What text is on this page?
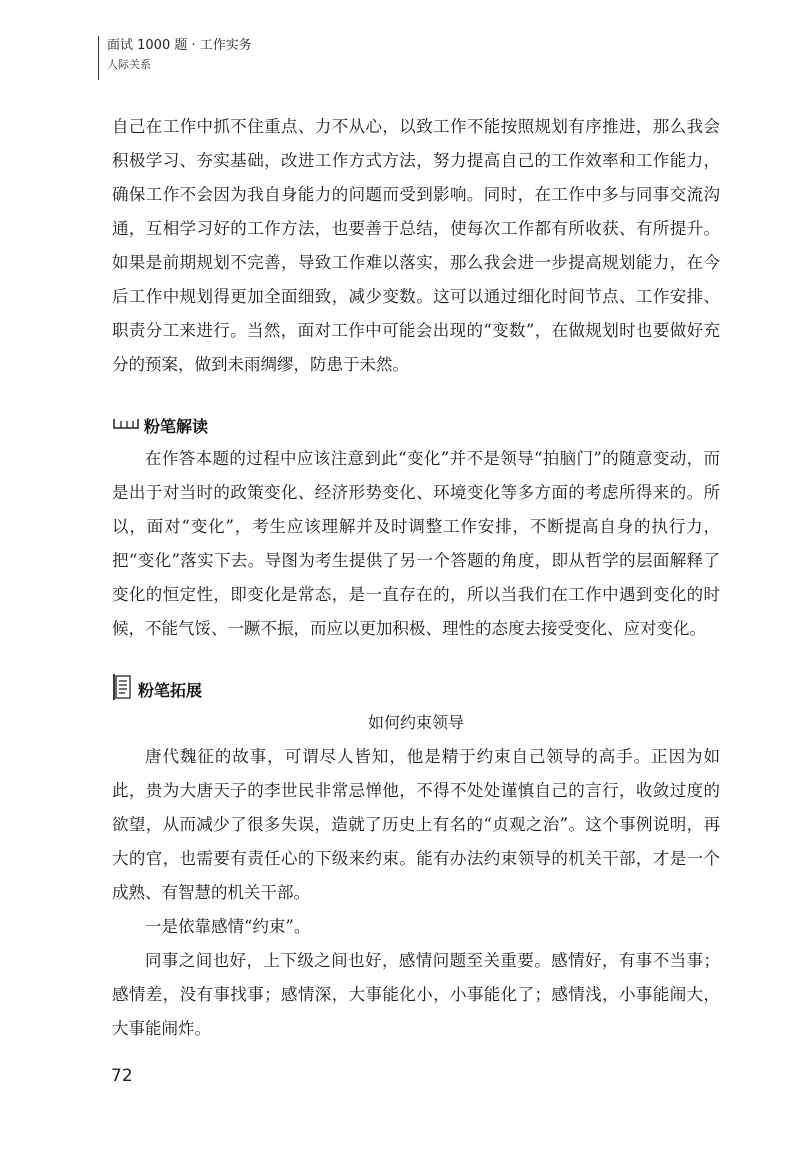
面试 1000 题 · 工作实务
人际关系

自己在工作中抓不住重点、力不从心，以致工作不能按照规划有序推进，那么我会积极学习、夯实基础，改进工作方式方法，努力提高自己的工作效率和工作能力，确保工作不会因为我自身能力的问题而受到影响。同时，在工作中多与同事交流沟通，互相学习好的工作方法，也要善于总结，使每次工作都有所收获、有所提升。如果是前期规划不完善，导致工作难以落实，那么我会进一步提高规划能力，在今后工作中规划得更加全面细致，减少变数。这可以通过细化时间节点、工作安排、职责分工来进行。当然，面对工作中可能会出现的“变数”，在做规划时也要做好充分的预案，做到未雨绸缪，防患于未然。

粉笔解读

在作答本题的过程中应该注意到此“变化”并不是领导“拍脑门”的随意变动，而是出于对当时的政策变化、经济形势变化、环境变化等多方面的考虑所得来的。所以，面对“变化”，考生应该理解并及时调整工作安排，不断提高自身的执行力，把“变化”落实下去。导图为考生提供了另一个答题的角度，即从哲学的层面解释了变化的恒定性，即变化是常态，是一直存在的，所以当我们在工作中遇到变化的时候，不能气馁、一蹶不振，而应以更加积极、理性的态度去接受变化、应对变化。

粉笔拓展

如何约束领导

唐代魏征的故事，可谓尽人皆知，他是精于约束自己领导的高手。正因为如此，贵为大唐天子的李世民非常忌惮他，不得不处处谨慎自己的言行，收敛过度的欲望，从而减少了很多失误，造就了历史上有名的“贞观之治”。这个事例说明，再大的官，也需要有责任心的下级来约束。能有办法约束领导的机关干部，才是一个成熟、有智慧的机关干部。

一是依靠感情“约束”。

同事之间也好，上下级之间也好，感情问题至关重要。感情好，有事不当事；感情差，没有事找事；感情深，大事能化小，小事能化了；感情浅，小事能闹大，大事能闹炸。

72
